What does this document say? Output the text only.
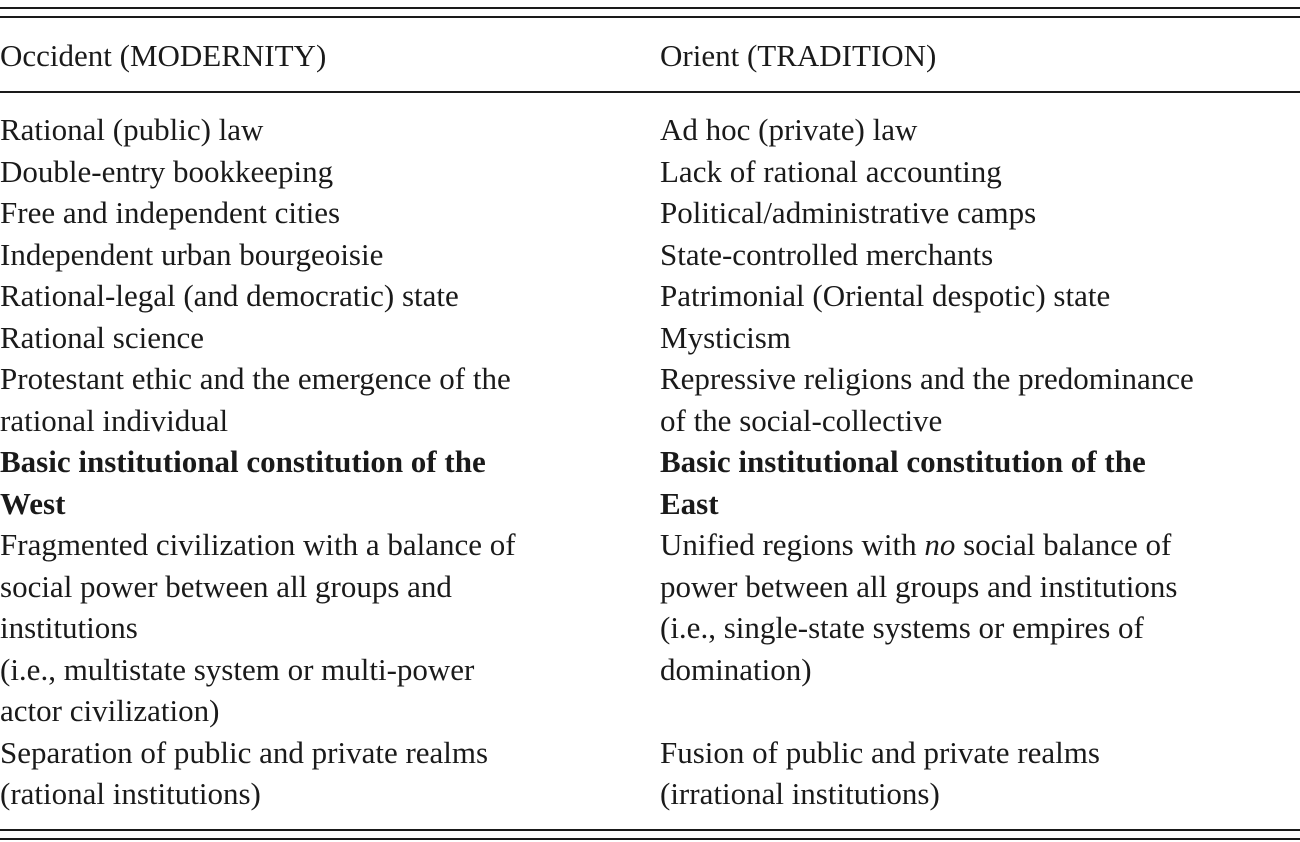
Occident (MODERNITY)	Orient (TRADITION)
Rational (public) law
Double-entry bookkeeping
Free and independent cities
Independent urban bourgeoisie
Rational-legal (and democratic) state
Rational science
Protestant ethic and the emergence of the
rational individual
Basic institutional constitution of the
West
Fragmented civilization with a balance of
social power between all groups and
institutions
(i.e., multistate system or multi-power
actor civilization)
Separation of public and private realms
(rational institutions)
Ad hoc (private) law
Lack of rational accounting
Political/administrative camps
State-controlled merchants
Patrimonial (Oriental despotic) state
Mysticism
Repressive religions and the predominance
of the social-collective
Basic institutional constitution of the
East
Unified regions with no social balance of
power between all groups and institutions
(i.e., single-state systems or empires of
domination)

Fusion of public and private realms
(irrational institutions)
